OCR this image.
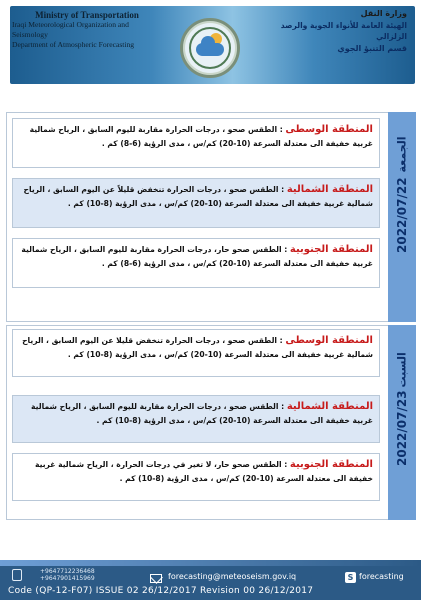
Ministry of Transportation
Iraqi Meteorological Organization and Seismology
Department of Atmospheric Forecasting
وزارة النقل
الهيئة العامة للأنواء الجوية والرصد الزلزالي
قسم التنبؤ الجوي
الجمعة
2022/07/22
المنطقة الوسطى : الطقس صحو ، درجات الحرارة مقاربة لليوم السابق ، الرياح شمالية غربية خفيفة الى معتدلة السرعة (10-20) كم/س ، مدى الرؤية (6-8) كم .
المنطقة الشمالية : الطقس صحو ، درجات الحرارة تنخفض قليلاً عن اليوم السابق ، الرياح شمالية غربية خفيفة الى معتدلة السرعة (10-20) كم/س ، مدى الرؤية (8-10) كم .
المنطقة الجنوبية : الطقس صحو حار، درجات الحرارة مقاربة لليوم السابق ، الرياح شمالية غربية خفيفة الى معتدلة السرعة (10-20) كم/س ، مدى الرؤية (6-8) كم .
السبت
2022/07/23
المنطقة الوسطى : الطقس صحو ، درجات الحرارة تنخفض قليلا عن اليوم السابق ، الرياح شمالية غربية خفيفة الى معتدلة السرعة (10-20) كم/س ، مدى الرؤية (8-10) كم .
المنطقة الشمالية : الطقس صحو ، درجات الحرارة مقاربة لليوم السابق ، الرياح شمالية غربية خفيفة الى معتدلة السرعة (10-20) كم/س ، مدى الرؤية (8-10) كم .
المنطقة الجنوبية : الطقس صحو حار، لا تغير في درجات الحرارة ، الرياح شمالية غربية خفيفة الى معتدلة السرعة (10-20) كم/س ، مدى الرؤية (8-10) كم .
+9647712236468
+9647901415969	forecasting@meteoseism.gov.iq	S forecasting
Code (QP-12-F07) ISSUE 02 26/12/2017 Revision 00 26/12/2017
